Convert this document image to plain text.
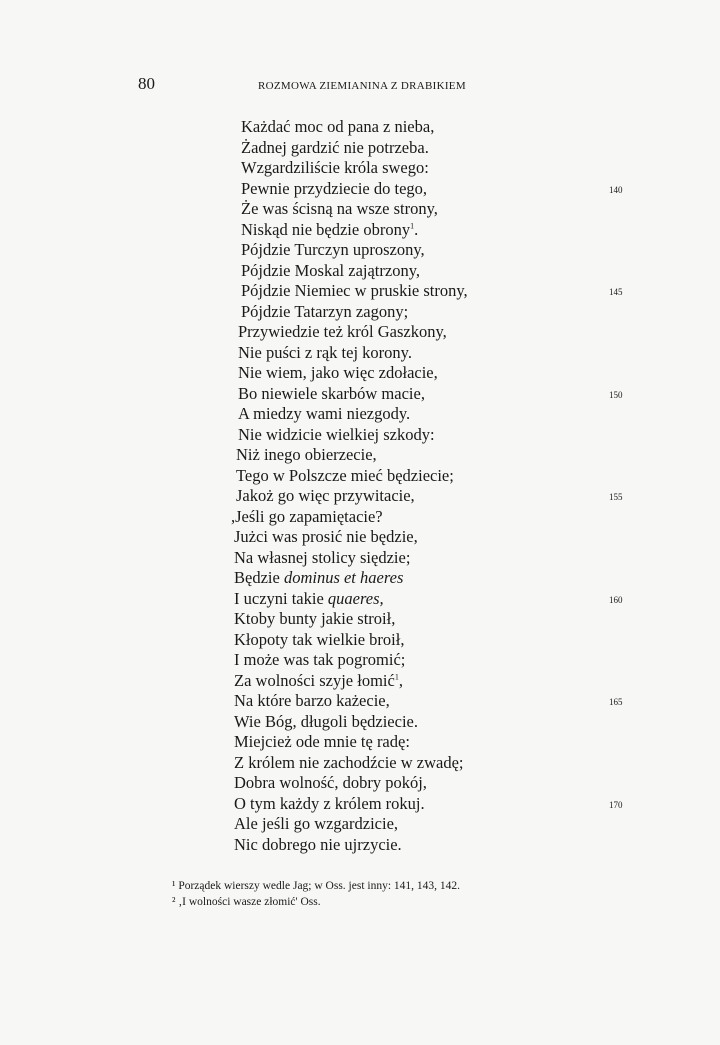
80	ROZMOWA ZIEMIANINA Z DRABIKIEM
Każdać moc od pana z nieba,
Żadnej gardzić nie potrzeba.
Wzgardziliście króla swego:
Pewnie przydziecie do tego,	140
Że was ścisną na wsze strony,
Niskąd nie będzie obrony$^1$.
Pójdzie Turczyn uproszony,
Pójdzie Moskal zajątrzony,
Pójdzie Niemiec w pruskie strony,	145
Pójdzie Tatarzyn zagony;
Przywiedzie też król Gaszkony,
Nie puści z rąk tej korony.
Nie wiem, jako więc zdołacie,
Bo niewiele skarbów macie,	150
A miedzy wami niezgody.
Nie widzicie wielkiej szkody:
Niż inego obierzecie,
Tego w Polszcze mieć będziecie;
Jakoż go więc przywitacie,	155
,Jeśli go zapamiętacie?
Jużci was prosić nie będzie,
Na własnej stolicy siędzie;
Będzie dominus et haeres
I uczyni takie quaeres,	160
Ktoby bunty jakie stroił,
Kłopoty tak wielkie broił,
I może was tak pogromić;
Za wolności szyje łomić$^1$,
Na które barzo każecie,	165
Wie Bóg, długoli będziecie.
Miejcież ode mnie tę radę:
Z królem nie zachodźcie w zwadę;
Dobra wolność, dobry pokój,
O tym każdy z królem rokuj.	170
Ale jeśli go wzgardzicie,
Nic dobrego nie ujrzycie.
¹ Porządek wierszy wedle Jag; w Oss. jest inny: 141, 143, 142.
² ‚I wolności wasze złomić' Oss.
